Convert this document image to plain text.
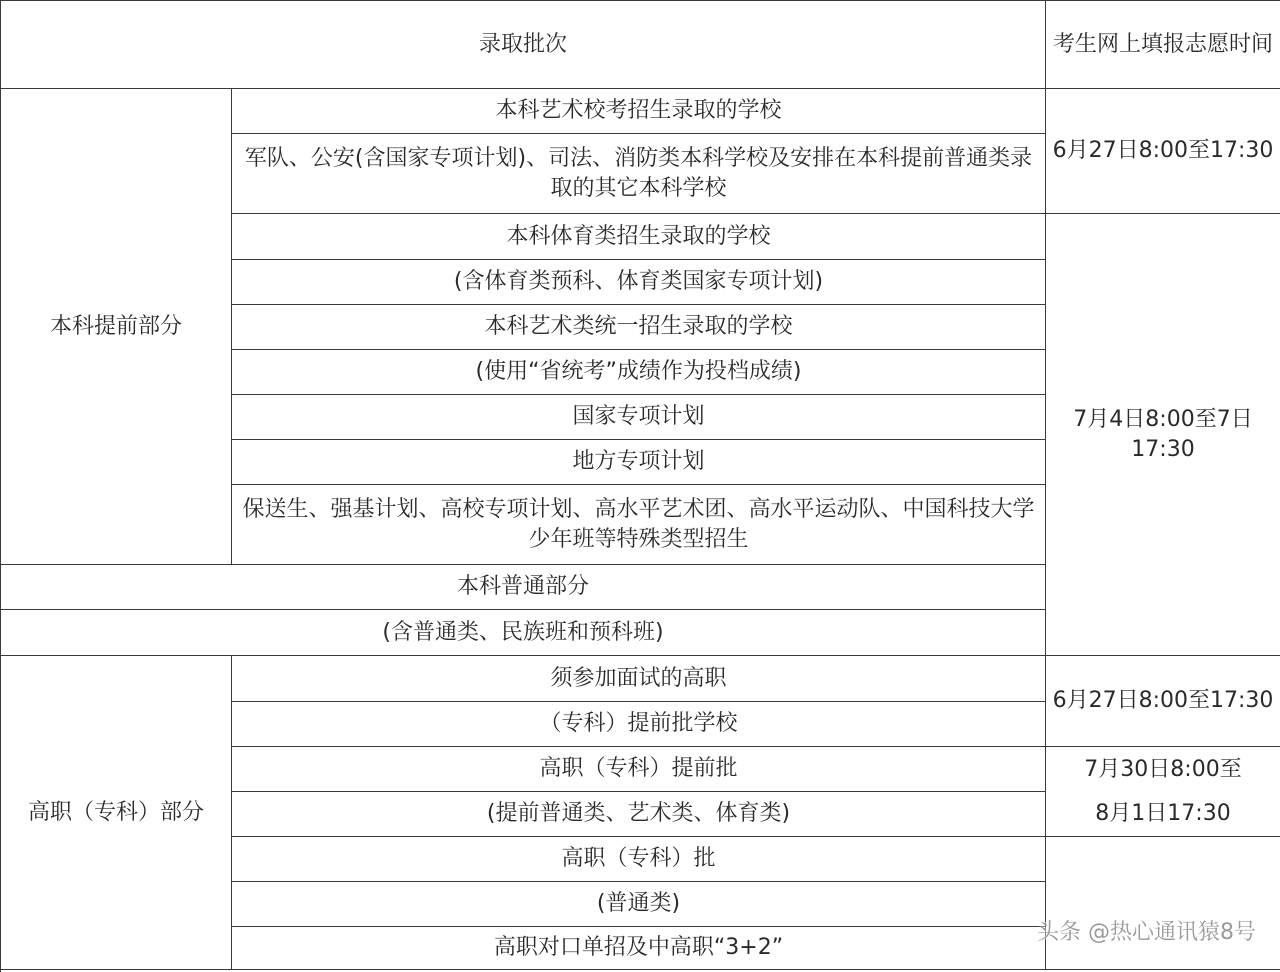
录取批次	考生网上填报志愿时间
本科提前部分
高职（专科）部分
本科艺术校考招生录取的学校
军队、公安(含国家专项计划)、司法、消防类本科学校及安排在本科提前普通类录取的其它本科学校
本科体育类招生录取的学校
(含体育类预科、体育类国家专项计划)
本科艺术类统一招生录取的学校
(使用“省统考”成绩作为投档成绩)
国家专项计划
地方专项计划
保送生、强基计划、高校专项计划、高水平艺术团、高水平运动队、中国科技大学少年班等特殊类型招生
本科普通部分
(含普通类、民族班和预科班)
须参加面试的高职
（专科）提前批学校
高职（专科）提前批
(提前普通类、艺术类、体育类)
高职（专科）批
(普通类)
高职对口单招及中高职“3+2”
6月27日8:00至17:30
7月4日8:00至7日17:30
6月27日8:00至17:30
7月30日8:00至
8月1日17:30
头条 @热心通讯猿8号
